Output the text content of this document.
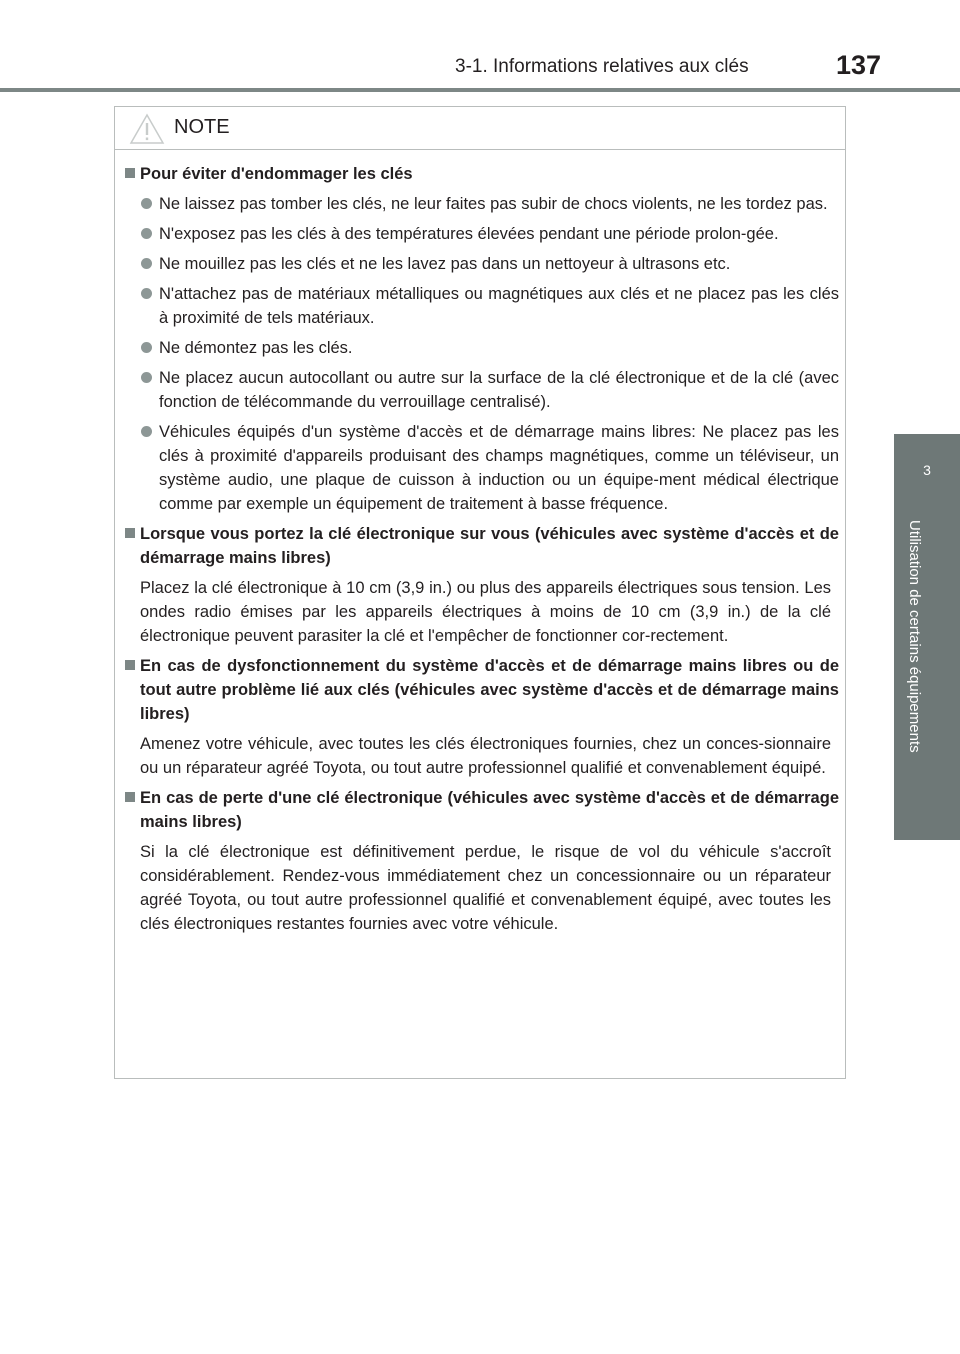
3-1. Informations relatives aux clés	137
3
Utilisation de certains équipements
NOTE
Pour éviter d'endommager les clés
Ne laissez pas tomber les clés, ne leur faites pas subir de chocs violents, ne les tordez pas.
N'exposez pas les clés à des températures élevées pendant une période prolon-gée.
Ne mouillez pas les clés et ne les lavez pas dans un nettoyeur à ultrasons etc.
N'attachez pas de matériaux métalliques ou magnétiques aux clés et ne placez pas les clés à proximité de tels matériaux.
Ne démontez pas les clés.
Ne placez aucun autocollant ou autre sur la surface de la clé électronique et de la clé (avec fonction de télécommande du verrouillage centralisé).
Véhicules équipés d'un système d'accès et de démarrage mains libres: Ne placez pas les clés à proximité d'appareils produisant des champs magnétiques, comme un téléviseur, un système audio, une plaque de cuisson à induction ou un équipe-ment médical électrique comme par exemple un équipement de traitement à basse fréquence.
Lorsque vous portez la clé électronique sur vous (véhicules avec système d'accès et de démarrage mains libres)
Placez la clé électronique à 10 cm (3,9 in.) ou plus des appareils électriques sous tension. Les ondes radio émises par les appareils électriques à moins de 10 cm (3,9 in.) de la clé électronique peuvent parasiter la clé et l'empêcher de fonctionner cor-rectement.
En cas de dysfonctionnement du système d'accès et de démarrage mains libres ou de tout autre problème lié aux clés (véhicules avec système d'accès et de démarrage mains libres)
Amenez votre véhicule, avec toutes les clés électroniques fournies, chez un conces-sionnaire ou un réparateur agréé Toyota, ou tout autre professionnel qualifié et convenablement équipé.
En cas de perte d'une clé électronique (véhicules avec système d'accès et de démarrage mains libres)
Si la clé électronique est définitivement perdue, le risque de vol du véhicule s'accroît considérablement. Rendez-vous immédiatement chez un concessionnaire ou un réparateur agréé Toyota, ou tout autre professionnel qualifié et convenablement équipé, avec toutes les clés électroniques restantes fournies avec votre véhicule.
